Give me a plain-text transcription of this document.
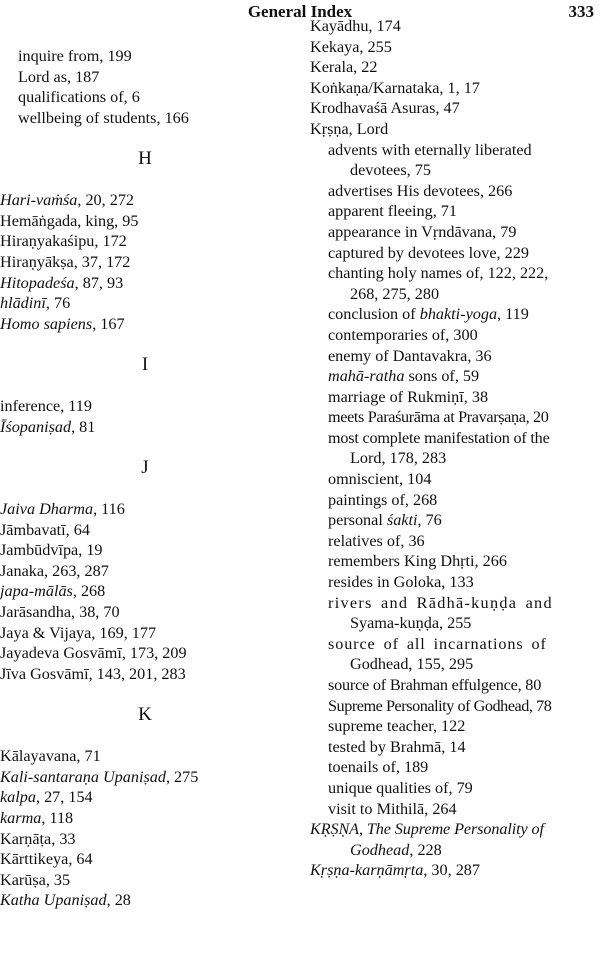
General Index	333
inquire from, 199
Lord as, 187
qualifications of, 6
wellbeing of students, 166
H
Hari-vaṁśa, 20, 272
Hemāṅgada, king, 95
Hiraṇyakaśipu, 172
Hiraṇyākṣa, 37, 172
Hitopadeśa, 87, 93
hlādinī, 76
Homo sapiens, 167
I
inference, 119
Īśopaniṣad, 81
J
Jaiva Dharma, 116
Jāmbavatī, 64
Jambūdvīpa, 19
Janaka, 263, 287
japa-mālās, 268
Jarāsandha, 38, 70
Jaya & Vijaya, 169, 177
Jayadeva Gosvāmī, 173, 209
Jīva Gosvāmī, 143, 201, 283
K
Kālayavana, 71
Kali-santaraṇa Upaniṣad, 275
kalpa, 27, 154
karma, 118
Karṇāṭa, 33
Kārttikeya, 64
Karūṣa, 35
Katha Upaniṣad, 28
Kayādhu, 174
Kekaya, 255
Kerala, 22
Koṅkaṇa/Karnataka, 1, 17
Krodhavaśā Asuras, 47
Kṛṣṇa, Lord
advents with eternally liberated
devotees, 75
advertises His devotees, 266
apparent fleeing, 71
appearance in Vṛndāvana, 79
captured by devotees love, 229
chanting holy names of, 122, 222,
268, 275, 280
conclusion of bhakti-yoga, 119
contemporaries of, 300
enemy of Dantavakra, 36
mahā-ratha sons of, 59
marriage of Rukmiṇī, 38
meets Paraśurāma at Pravarṣaṇa, 20
most complete manifestation of the
Lord, 178, 283
omniscient, 104
paintings of, 268
personal śakti, 76
relatives of, 36
remembers King Dhṛti, 266
resides in Goloka, 133
rivers and Rādhā-kuṇḍa and
Syama-kuṇḍa, 255
source of all incarnations of
Godhead, 155, 295
source of Brahman effulgence, 80
Supreme Personality of Godhead, 78
supreme teacher, 122
tested by Brahmā, 14
toenails of, 189
unique qualities of, 79
visit to Mithilā, 264
KṚṢṆA, The Supreme Personality of
Godhead, 228
Kṛṣṇa-karṇāmṛta, 30, 287
